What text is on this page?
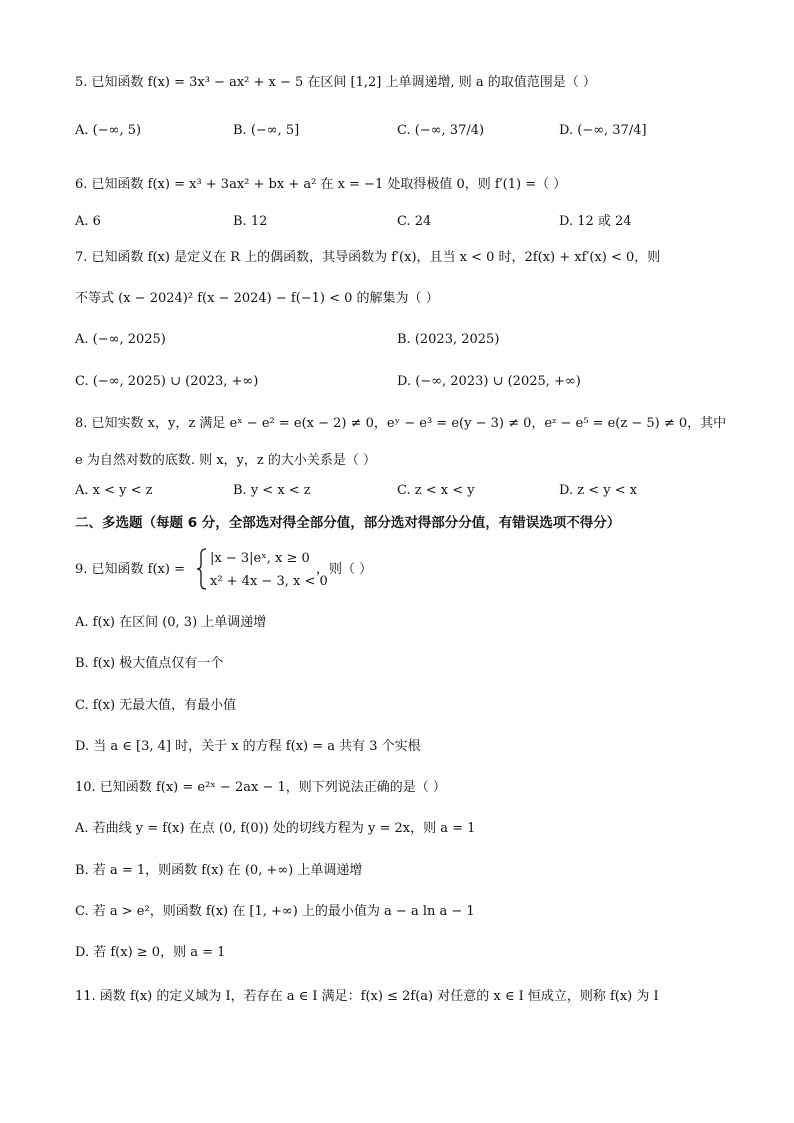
5. 已知函数 f(x) = 3x³ − ax² + x − 5 在区间 [1,2] 上单调递增, 则 a 的取值范围是（ ）
A. (−∞, 5)	B. (−∞, 5]	C. (−∞, 37/4)	D. (−∞, 37/4]
6. 已知函数 f(x) = x³ + 3ax² + bx + a² 在 x = −1 处取得极值 0，则 f′(1) =（ ）
A. 6	B. 12	C. 24	D. 12 或 24
7. 已知函数 f(x) 是定义在 R 上的偶函数，其导函数为 f′(x)，且当 x < 0 时，2f(x) + xf′(x) < 0，则
不等式 (x − 2024)² f(x − 2024) − f(−1) < 0 的解集为（ ）
A. (−∞, 2025)	B. (2023, 2025)
C. (−∞, 2025) ∪ (2023, +∞)	D. (−∞, 2023) ∪ (2025, +∞)
8. 已知实数 x，y，z 满足 eˣ − e² = e(x − 2) ≠ 0，eʸ − e³ = e(y − 3) ≠ 0，eᶻ − e⁵ = e(z − 5) ≠ 0，其中
e 为自然对数的底数. 则 x，y，z 的大小关系是（ ）
A. x < y < z	B. y < x < z	C. z < x < y	D. z < y < x
二、多选题（每题 6 分，全部选对得全部分值，部分选对得部分分值，有错误选项不得分）
9. 已知函数 f(x) =
|x − 3|eˣ, x ≥ 0
x² + 4x − 3, x < 0
，则（ ）
A. f(x) 在区间 (0, 3) 上单调递增
B. f(x) 极大值点仅有一个
C. f(x) 无最大值，有最小值
D. 当 a ∈ [3, 4] 时，关于 x 的方程 f(x) = a 共有 3 个实根
10. 已知函数 f(x) = e²ˣ − 2ax − 1，则下列说法正确的是（ ）
A. 若曲线 y = f(x) 在点 (0, f(0)) 处的切线方程为 y = 2x，则 a = 1
B. 若 a = 1，则函数 f(x) 在 (0, +∞) 上单调递增
C. 若 a > e²，则函数 f(x) 在 [1, +∞) 上的最小值为 a − a ln a − 1
D. 若 f(x) ≥ 0，则 a = 1
11. 函数 f(x) 的定义域为 I，若存在 a ∈ I 满足：f(x) ≤ 2f(a) 对任意的 x ∈ I 恒成立，则称 f(x) 为 I
